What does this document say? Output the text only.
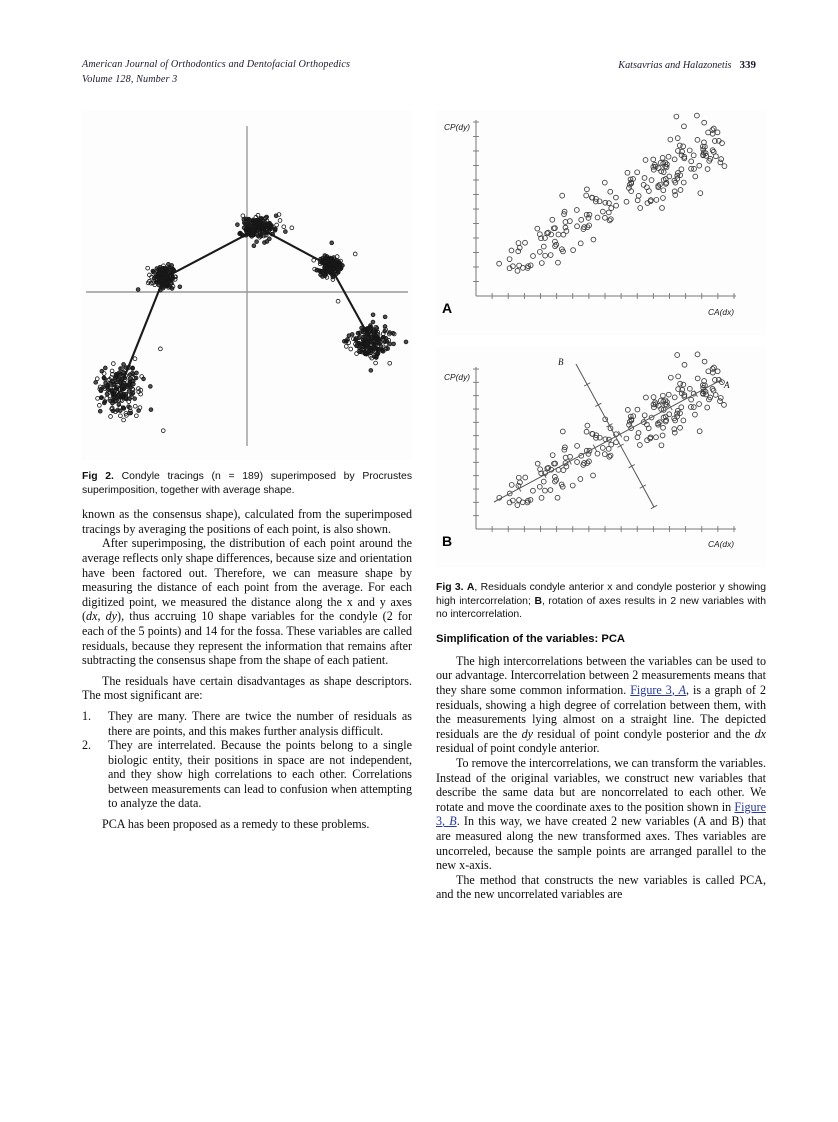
American Journal of Orthodontics and Dentofacial Orthopedics
Volume 128, Number 3
Katsavrias and Halazonetis 339
Fig 2. Condyle tracings (n = 189) superimposed by Procrustes superimposition, together with average shape.

known as the consensus shape), calculated from the superimposed tracings by averaging the positions of each point, is also shown.

After superimposing, the distribution of each point around the average reflects only shape differences, because size and orientation have been factored out. Therefore, we can measure shape by measuring the distance of each point from the average. For each digitized point, we measured the distance along the x and y axes (dx, dy), thus accruing 10 shape variables for the condyle (2 for each of the 5 points) and 14 for the fossa. These variables are called residuals, because they represent the information that remains after subtracting the consensus shape from the shape of each patient.

The residuals have certain disadvantages as shape descriptors. The most significant are:

1.	They are many. There are twice the number of residuals as there are points, and this makes further analysis difficult.
2.	They are interrelated. Because the points belong to a single biologic entity, their positions in space are not independent, and they show high correlations to each other. Correlations between measurements can lead to confusion when attempting to analyze the data.

PCA has been proposed as a remedy to these problems.

CP(dy)
CA(dx)
A
CP(dy)
CA(dx)
B
A
B
Fig 3. A, Residuals condyle anterior x and condyle posterior y showing high intercorrelation; B, rotation of axes results in 2 new variables with no intercorrelation.
Simplification of the variables: PCA

The high intercorrelations between the variables can be used to our advantage. Intercorrelation between 2 measurements means that they share some common information. Figure 3, A, is a graph of 2 residuals, showing a high degree of correlation between them, with the measurements lying almost on a straight line. The depicted residuals are the dy residual of point condyle posterior and the dx residual of point condyle anterior.

To remove the intercorrelations, we can transform the variables. Instead of the original variables, we construct new variables that describe the same data but are noncorrelated to each other. We rotate and move the coordinate axes to the position shown in Figure 3, B. In this way, we have created 2 new variables (A and B) that are measured along the new transformed axes. Thes variables are uncorreled, because the sample points are arranged parallel to the new x-axis.

The method that constructs the new variables is called PCA, and the new uncorrelated variables are
